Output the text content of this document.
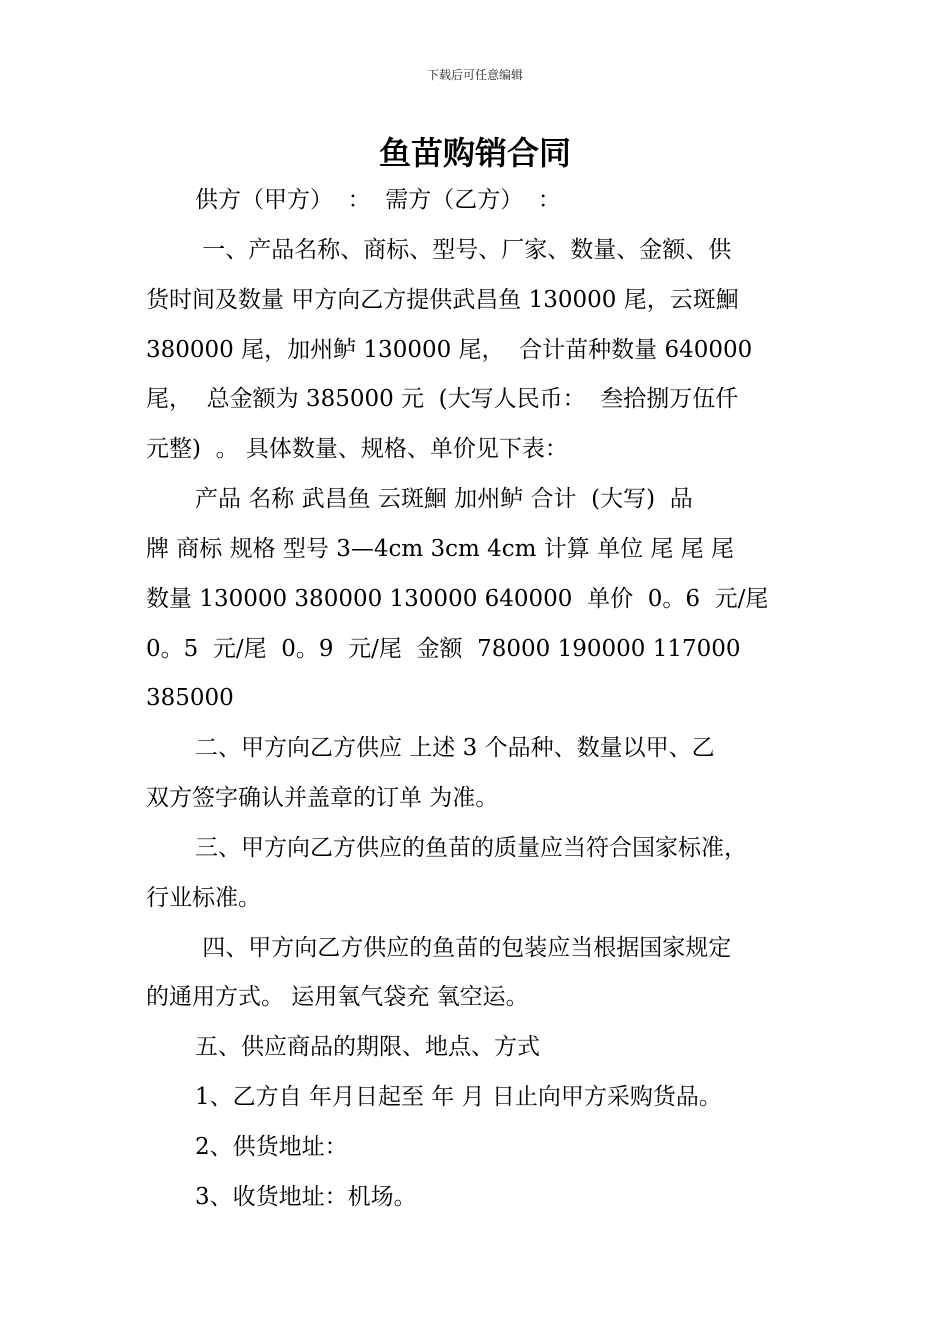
下载后可任意编辑
鱼苗购销合同
供方（甲方）  ：  需方（乙方）  ：
一、产品名称、商标、型号、厂家、数量、金额、供
货时间及数量 甲方向乙方提供武昌鱼 130000 尾，云斑鮰
380000 尾，加州鲈 130000 尾，  合计苗种数量 640000
尾，  总金额为 385000 元  (大写人民币：  叁拾捌万伍仟
元整)  。 具体数量、规格、单价见下表：
产品 名称 武昌鱼 云斑鮰 加州鲈 合计  (大写)  品
牌 商标 规格 型号 3—4cm 3cm 4cm 计算 单位 尾 尾 尾
数量 130000 380000 130000 640000  单价  0。6  元/尾
0。5  元/尾  0。9  元/尾  金额  78000 190000 117000
385000
二、甲方向乙方供应 上述 3 个品种、数量以甲、乙
双方签字确认并盖章的订单 为准。
三、甲方向乙方供应的鱼苗的质量应当符合国家标准，
行业标准。
四、甲方向乙方供应的鱼苗的包装应当根据国家规定
的通用方式。 运用氧气袋充 氧空运。
五、供应商品的期限、地点、方式
1、乙方自 年月日起至 年 月 日止向甲方采购货品。
2、供货地址：
3、收货地址：机场。
